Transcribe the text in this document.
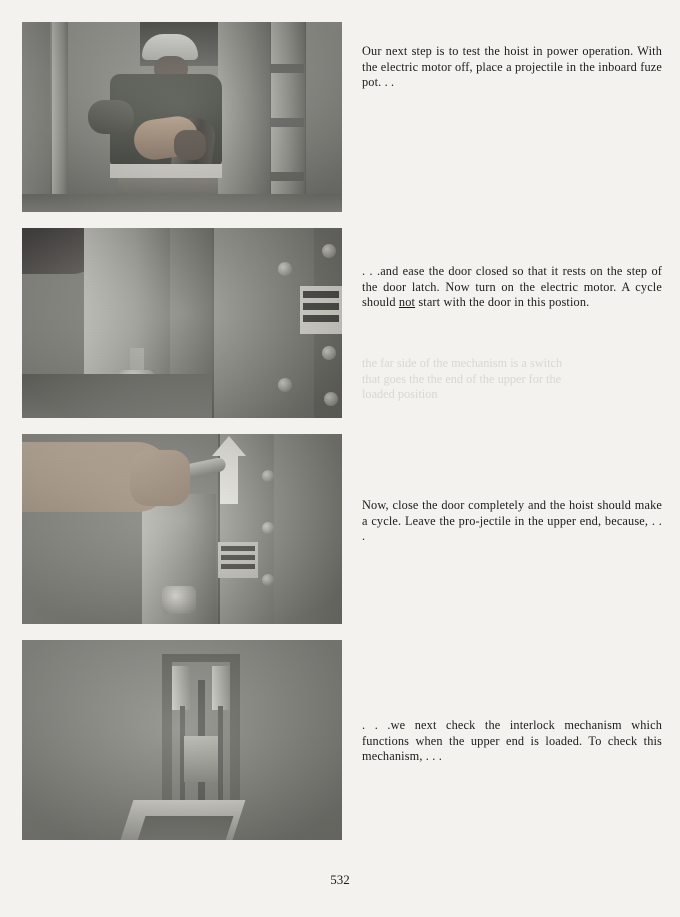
Our next step is to test the hoist in power operation. With the electric motor off, place a projectile in the inboard fuze pot. . .
. . .and ease the door closed so that it rests on the step of the door latch. Now turn on the electric motor. A cycle should not start with the door in this postion.
the far side of the mechanism is a switch
that goes the the end of the upper for the
loaded position
Now, close the door completely and the hoist should make a cycle. Leave the pro-jectile in the upper end, because, . . .
. . .we next check the interlock mechanism which functions when the upper end is loaded. To check this mechanism, . . .
532
